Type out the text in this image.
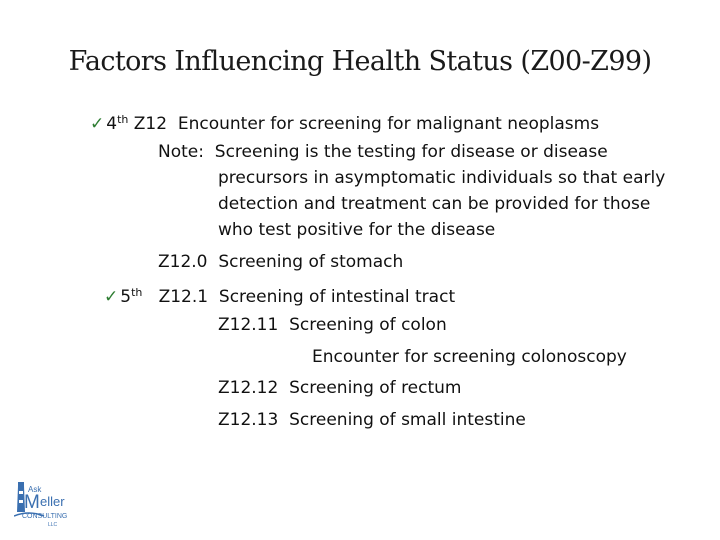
Factors Influencing Health Status (Z00-Z99)
✓ 4th Z12 Encounter for screening for malignant neoplasms
Note: Screening is the testing for disease or disease
precursors in asymptomatic individuals so that early
detection and treatment can be provided for those
who test positive for the disease
Z12.0 Screening of stomach
✓ 5th Z12.1 Screening of intestinal tract
Z12.11 Screening of colon
Encounter for screening colonoscopy
Z12.12 Screening of rectum
Z12.13 Screening of small intestine
Ask
M eller
CONSULTING
LLC
